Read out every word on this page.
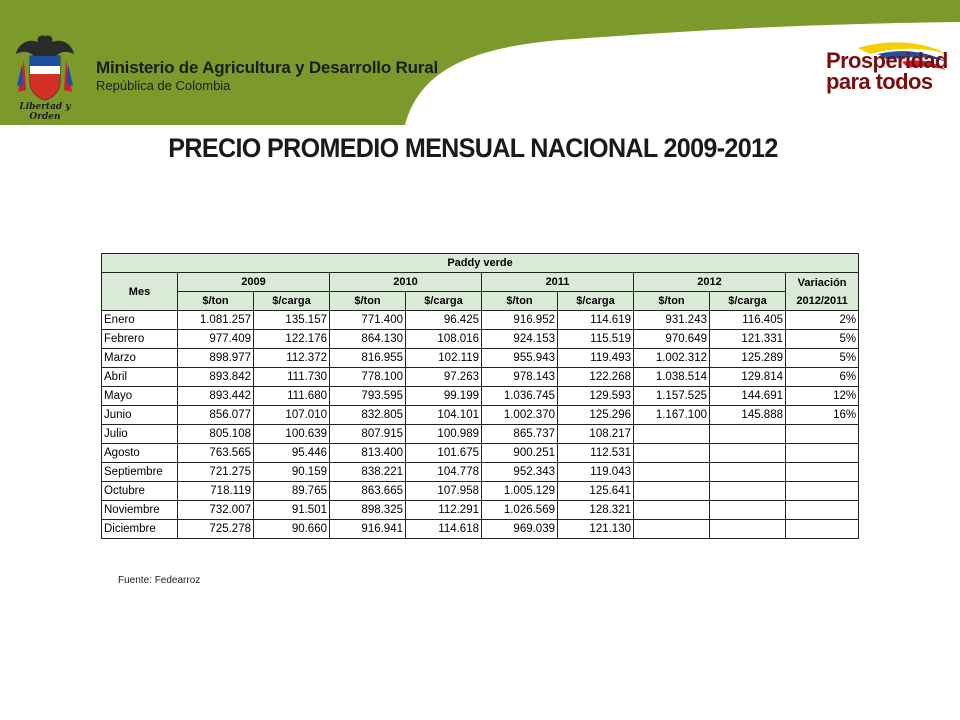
Libertad y Orden
Ministerio de Agricultura y Desarrollo Rural
República de Colombia
Prosperidad
para todos
PRECIO PROMEDIO MENSUAL NACIONAL 2009-2012
Paddy verde									
Mes	2009		2010		2011		2012		Variación 2012/2011
	$/ton	$/carga	$/ton	$/carga	$/ton	$/carga	$/ton	$/carga	
Enero	1.081.257	135.157	771.400	96.425	916.952	114.619	931.243	116.405	2%
Febrero	977.409	122.176	864.130	108.016	924.153	115.519	970.649	121.331	5%
Marzo	898.977	112.372	816.955	102.119	955.943	119.493	1.002.312	125.289	5%
Abril	893.842	111.730	778.100	97.263	978.143	122.268	1.038.514	129.814	6%
Mayo	893.442	111.680	793.595	99.199	1.036.745	129.593	1.157.525	144.691	12%
Junio	856.077	107.010	832.805	104.101	1.002.370	125.296	1.167.100	145.888	16%
Julio	805.108	100.639	807.915	100.989	865.737	108.217			
Agosto	763.565	95.446	813.400	101.675	900.251	112.531			
Septiembre	721.275	90.159	838.221	104.778	952.343	119.043			
Octubre	718.119	89.765	863.665	107.958	1.005.129	125.641			
Noviembre	732.007	91.501	898.325	112.291	1.026.569	128.321			
Diciembre	725.278	90.660	916.941	114.618	969.039	121.130			
Fuente: Fedearroz
